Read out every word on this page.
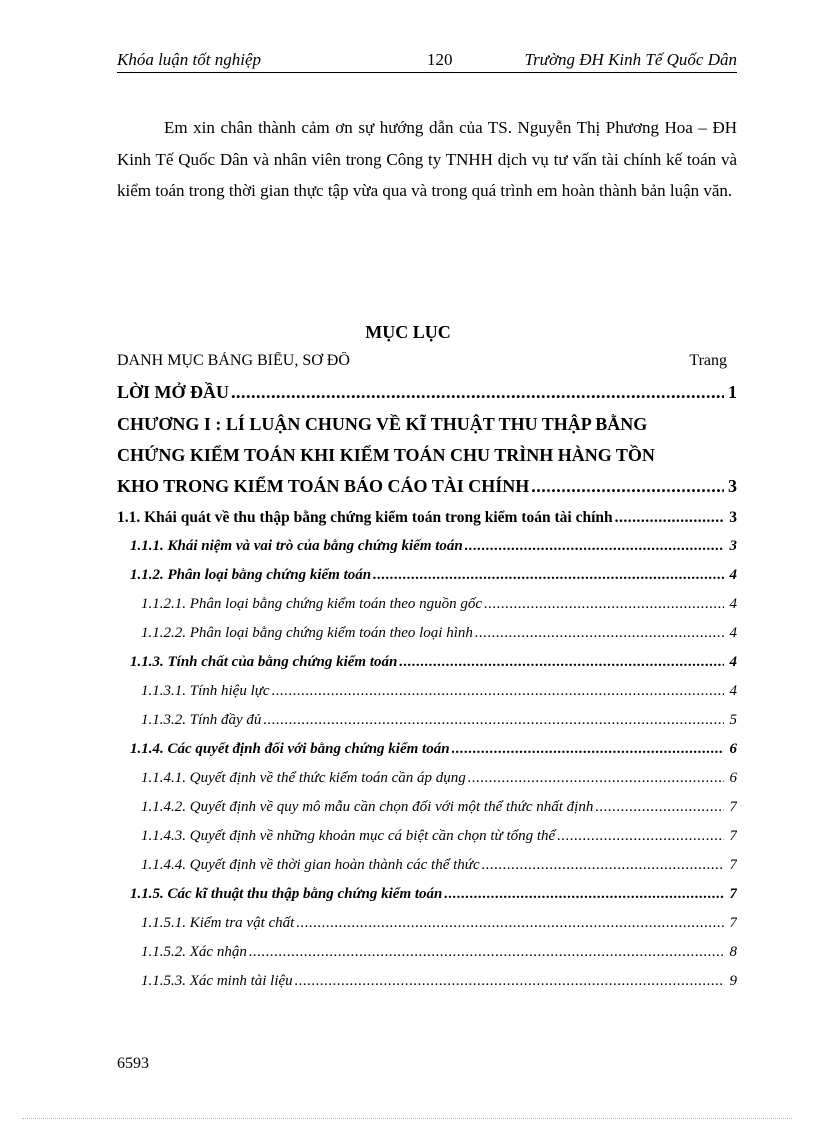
Khóa luận tốt nghiệp	120	Trường ĐH Kinh Tế Quốc Dân
Em xin chân thành cảm ơn sự hướng dẫn của TS. Nguyễn Thị Phương Hoa – ĐH Kinh Tế Quốc Dân và nhân viên trong Công ty TNHH dịch vụ tư vấn tài chính kế toán và kiểm toán trong thời gian thực tập vừa qua và trong quá trình em hoàn thành bản luận văn.
MỤC LỤC
DANH MỤC BẢNG BIỂU, SƠ ĐỒ	Trang
LỜI MỞ ĐẦU .....	1
CHƯƠNG I : LÍ LUẬN CHUNG VỀ KĨ THUẬT THU THẬP BẰNG
CHỨNG KIỂM TOÁN KHI KIỂM TOÁN CHU TRÌNH HÀNG TỒN
KHO TRONG KIỂM TOÁN BÁO CÁO TÀI CHÍNH .....	3
1.1. Khái quát về thu thập bằng chứng kiểm toán trong kiểm toán tài chính .....	3
1.1.1. Khái niệm và vai trò của bằng chứng kiểm toán .....	3
1.1.2. Phân loại bằng chứng kiểm toán .....	4
1.1.2.1. Phân loại bằng chứng kiểm toán theo nguồn gốc .....	4
1.1.2.2. Phân loại bằng chứng kiểm toán theo loại hình .....	4
1.1.3. Tính chất của bằng chứng kiểm toán .....	4
1.1.3.1. Tính hiệu lực .....	4
1.1.3.2. Tính đầy đủ .....	5
1.1.4. Các quyết định đối với bằng chứng kiểm toán .....	6
1.1.4.1. Quyết định về thể thức kiểm toán cần áp dụng .....	6
1.1.4.2. Quyết định về quy mô mẫu cần chọn đối với một thể thức nhất định .....	7
1.1.4.3. Quyết định về những khoản mục cá biệt cần chọn từ tổng thể .....	7
1.1.4.4. Quyết định về thời gian hoàn thành các thể thức .....	7
1.1.5. Các kĩ thuật thu thập bằng chứng kiểm toán .....	7
1.1.5.1. Kiểm tra vật chất .....	7
1.1.5.2. Xác nhận .....	8
1.1.5.3. Xác minh tài liệu .....	9
6593
